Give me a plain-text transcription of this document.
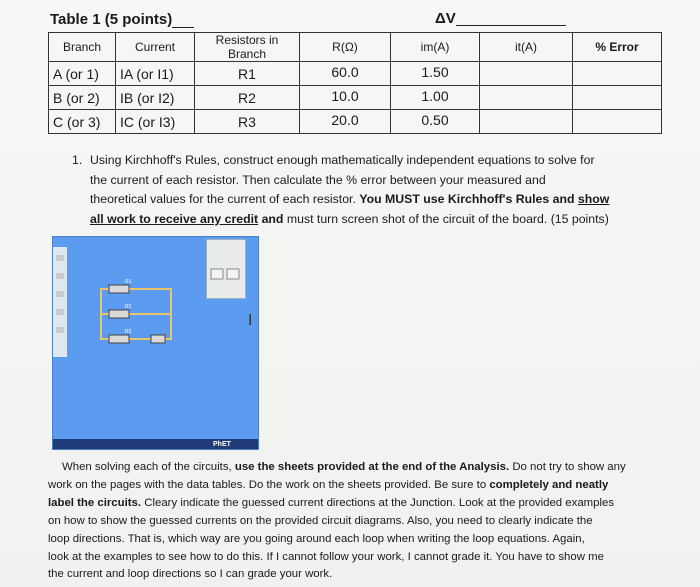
Table 1 (5 points)	ΔV
Branch	Current	Resistors in Branch	R(Ω)	im(A)	it(A)	% Error
A (or 1)	IA (or I1)	R1	60.0	1.50		
B (or 2)	IB (or I2)	R2	10.0	1.00		
C (or 3)	IC (or I3)	R3	20.0	0.50		
1. Using Kirchhoff's Rules, construct enough mathematically independent equations to solve for
the current of each resistor. Then calculate the % error between your measured and
theoretical values for the current of each resistor. You MUST use Kirchhoff's Rules and show
all work to receive any credit and must turn screen shot of the circuit of the board. (15 points)
R1
R2
R3
PhET
I
When solving each of the circuits, use the sheets provided at the end of the Analysis. Do not try to show any
work on the pages with the data tables. Do the work on the sheets provided. Be sure to completely and neatly
label the circuits. Cleary indicate the guessed current directions at the Junction. Look at the provided examples
on how to show the guessed currents on the provided circuit diagrams. Also, you need to clearly indicate the
loop directions. That is, which way are you going around each loop when writing the loop equations. Again,
look at the examples to see how to do this. If I cannot follow your work, I cannot grade it. You have to show me
the current and loop directions so I can grade your work.
